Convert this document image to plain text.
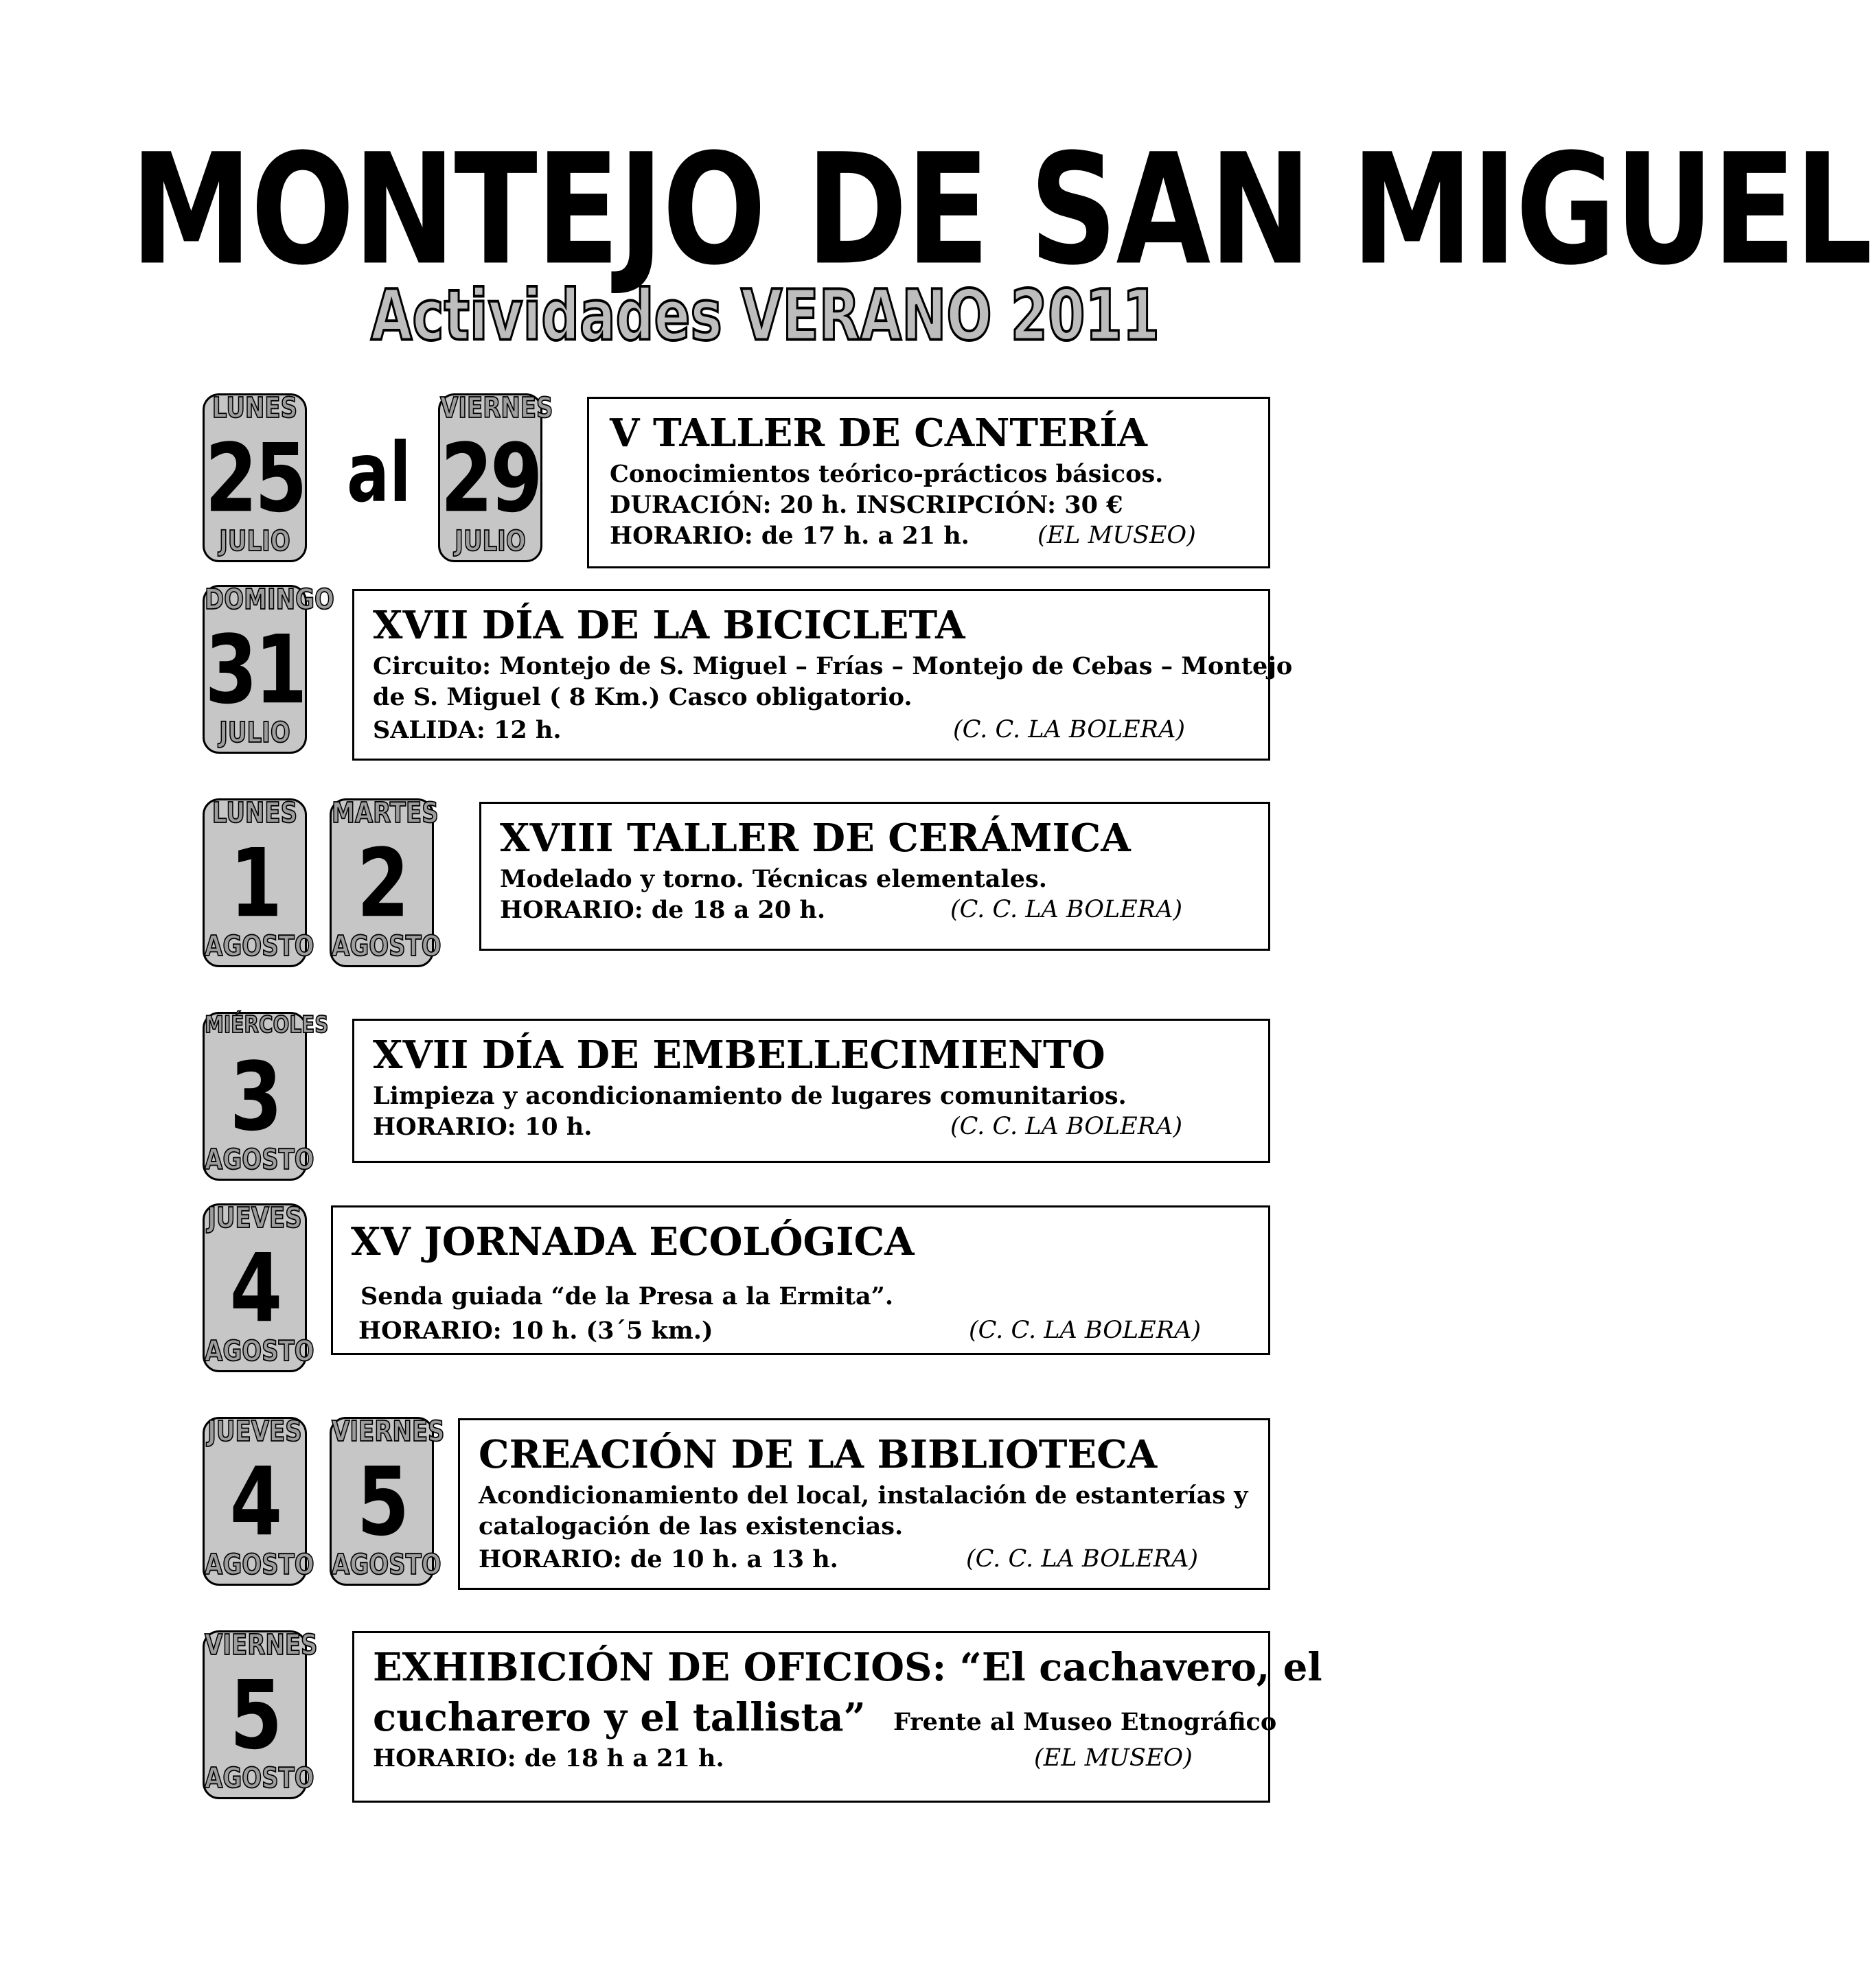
MONTEJO DE SAN MIGUEL
Actividades VERANO 2011
LUNES
25
JULIO
al
VIERNES
29
JULIO
DOMINGO
31
JULIO
LUNES
1
AGOSTO
MARTES
2
AGOSTO
MIÉRCOLES
3
AGOSTO
JUEVES
4
AGOSTO
JUEVES
4
AGOSTO
VIERNES
5
AGOSTO
VIERNES
5
AGOSTO
V TALLER DE CANTERÍA
Conocimientos teórico-prácticos básicos.
DURACIÓN: 20 h. INSCRIPCIÓN: 30 €
HORARIO: de 17 h. a 21 h.	(EL MUSEO)
XVII DÍA DE LA BICICLETA
Circuito: Montejo de S. Miguel – Frías – Montejo de Cebas – Montejo
de S. Miguel ( 8 Km.) Casco obligatorio.
SALIDA: 12 h.	(C. C. LA BOLERA)
XVIII TALLER DE CERÁMICA
Modelado y torno. Técnicas elementales.
HORARIO: de 18 a 20 h.	(C. C. LA BOLERA)
XVII DÍA DE EMBELLECIMIENTO
Limpieza y acondicionamiento de lugares comunitarios.
HORARIO: 10 h.	(C. C. LA BOLERA)
XV JORNADA ECOLÓGICA
Senda guiada “de la Presa a la Ermita”.
HORARIO: 10 h. (3´5 km.)	(C. C. LA BOLERA)
CREACIÓN DE LA BIBLIOTECA
Acondicionamiento del local, instalación de estanterías y
catalogación de las existencias.
HORARIO: de 10 h. a 13 h.	(C. C. LA BOLERA)
EXHIBICIÓN DE OFICIOS: “El cachavero, el
cucharero y el tallista” Frente al Museo Etnográfico
HORARIO: de 18 h a 21 h.	(EL MUSEO)
